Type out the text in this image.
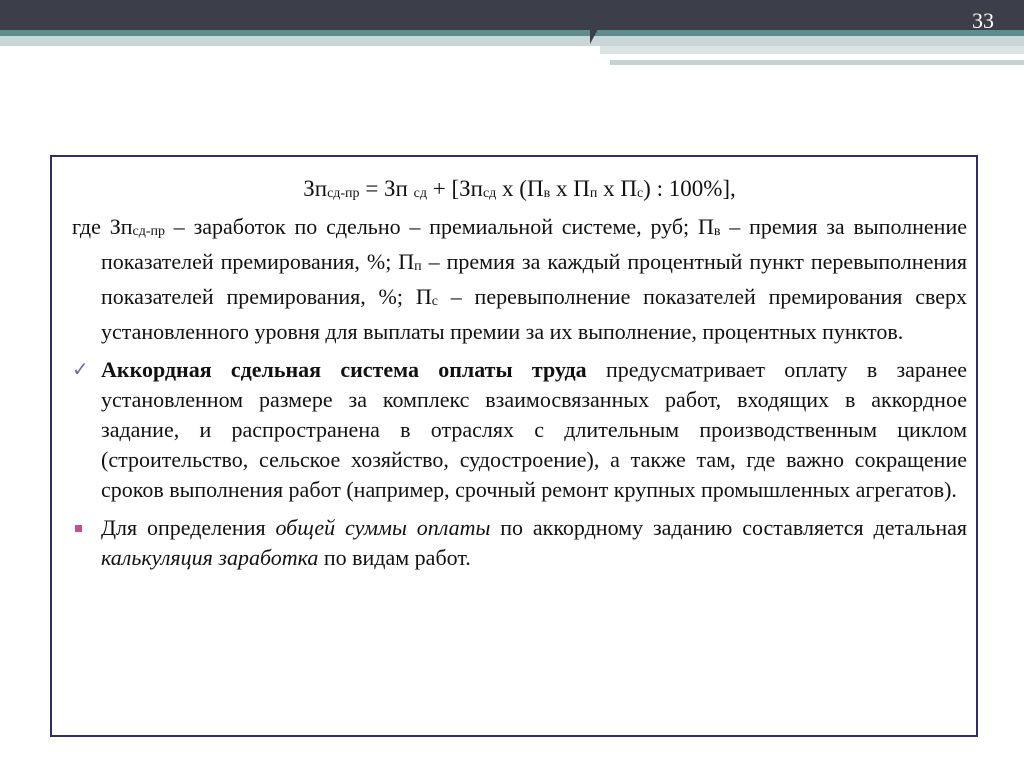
33
Зпсд-пр = Зп сд + [Зпсд х (Пв х Пп х Пс) : 100%],

где Зпсд-пр – заработок по сдельно – премиальной системе, руб; Пв – премия за выполнение показателей премирования, %; Пп – премия за каждый процентный пункт перевыполнения показателей премирования, %; Пс – перевыполнение показателей премирования сверх установленного уровня для выплаты премии за их выполнение, процентных пунктов.

✓ Аккордная сдельная система оплаты труда предусматривает оплату в заранее установленном размере за комплекс взаимосвязанных работ, входящих в аккордное задание, и распространена в отраслях с длительным производственным циклом (строительство, сельское хозяйство, судостроение), а также там, где важно сокращение сроков выполнения работ (например, срочный ремонт крупных промышленных агрегатов).

Для определения общей суммы оплаты по аккордному заданию составляется детальная калькуляция заработка по видам работ.
